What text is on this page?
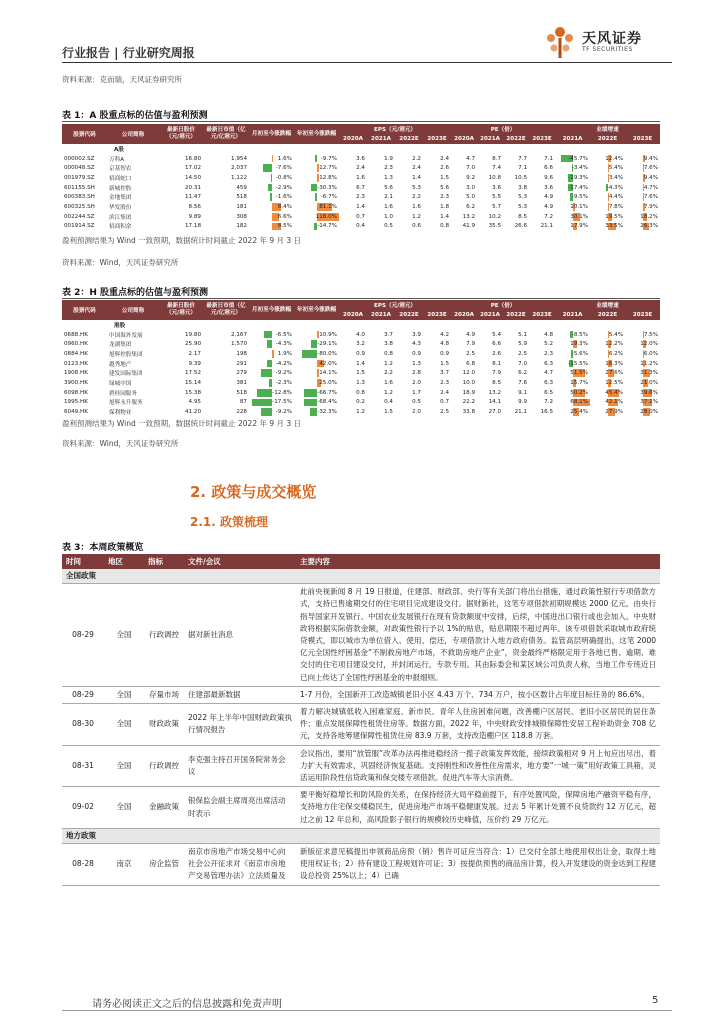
行业报告 | 行业研究周报
天风证券
TF SECURITIES
资料来源：克而瑞，天风证券研究所
表 1：A 股重点标的估值与盈利预测
股票代码	公司简称	最新日股价（元/港元）	最新日市值（亿元/亿港元）	月初至今涨跌幅	年初至今涨跌幅	EPS（元/港元）				PE（倍）				业绩增速		
						2020A	2021A	2022E	2023E	2020A	2021A	2022E	2023E	2021A	2022E	2023E
A股																
000002.SZ	万科A	16.80	1,954	1.6%	-9.7%	3.6	1.9	2.2	2.4	4.7	8.7	7.7	7.1	-45.7%	12.4%	9.4%

000048.SZ	京基智农	17.02	2,037	-7.6%	12.7%	2.4	2.3	2.4	2.6	7.0	7.4	7.1	6.6	-3.4%	5.4%	7.6%

001979.SZ	招商蛇口	14.50	1,122	-0.8%	12.8%	1.6	1.3	1.4	1.5	9.2	10.8	10.5	9.6	-19.3%	3.4%	9.4%

601155.SH	新城控股	20.31	459	-2.9%	-30.3%	6.7	5.6	5.3	5.6	3.0	3.6	3.8	3.6	-17.4%	-4.3%	4.7%

600383.SH	金地集团	11.47	518	-1.6%	-6.7%	2.3	2.1	2.2	2.3	5.0	5.5	5.3	4.9	-9.5%	4.4%	7.6%

600325.SH	华发股份	8.56	181	8.4%	81.1%	1.4	1.6	1.6	1.8	6.2	5.7	5.3	4.9	10.1%	7.8%	7.9%

002244.SZ	滨江集团	9.89	308	6.6%	118.0%	0.7	1.0	1.2	1.4	13.2	10.2	8.5	7.2	30.1%	19.5%	18.2%

001914.SZ	招商积余	17.18	182	8.5%	-14.7%	0.4	0.5	0.6	0.8	41.9	35.5	26.6	21.1	17.9%	33.5%	26.3%
盈利预测结果为 Wind 一致预期，数据统计时间截止 2022 年 9 月 3 日
资料来源：Wind，天风证券研究所
表 2：H 股重点标的估值与盈利预测
股票代码	公司简称	最新日股价（元/港元）	最新日市值（亿元/亿港元）	月初至今涨跌幅	年初至今涨跌幅	EPS（元/港元）				PE（倍）				业绩增速		
						2020A	2021A	2022E	2023E	2020A	2021A	2022E	2023E	2021A	2022E	2023E
港股																
0688.HK	中国海外发展	19.80	2,167	-6.5%	10.9%	4.0	3.7	3.9	4.2	4.9	5.4	5.1	4.8	-8.5%	5.4%	7.5%

0960.HK	龙湖集团	25.90	1,570	-4.3%	-29.1%	3.2	3.8	4.3	4.8	7.9	6.6	5.9	5.2	19.3%	12.2%	12.0%

0884.HK	旭辉控股集团	2.17	198	1.9%	-80.0%	0.9	0.8	0.9	0.9	2.5	2.6	2.5	2.3	-5.6%	6.2%	6.0%

0123.HK	越秀地产	9.39	291	-4.2%	42.0%	1.4	1.2	1.3	1.5	6.8	8.1	7.0	6.3	-15.5%	16.3%	11.2%

1908.HK	建发国际集团	17.52	279	-9.2%	14.1%	1.5	2.2	2.8	3.7	12.0	7.9	6.2	4.7	51.5%	27.6%	31.3%

3900.HK	绿城中国	15.14	381	-2.3%	25.0%	1.3	1.6	2.0	2.3	10.0	8.5	7.6	6.3	15.7%	12.5%	21.0%

6098.HK	碧桂园服务	15.38	518	-12.8%	-66.7%	0.8	1.2	1.7	2.4	18.9	13.2	9.1	6.5	50.2%	45.4%	39.6%

1995.HK	旭辉永升服务	4.95	87	-17.5%	-68.4%	0.2	0.4	0.5	0.7	22.2	14.1	9.9	7.2	68.1%	42.1%	37.1%

6049.HK	保利物业	41.20	228	-9.2%	-32.3%	1.2	1.5	2.0	2.5	33.8	27.0	21.1	16.5	25.4%	27.9%	28.0%
盈利预测结果为 Wind 一致预期，数据统计时间截止 2022 年 9 月 3 日
资料来源：Wind，天风证券研究所
2. 政策与成交概览
2.1. 政策梳理
表 3：本周政策概览
时间	地区	指标	文件/会议	主要内容
全国政策				
08-29	全国	行政调控	据对新社消息	此前央视新闻 8 月 19 日报道，住建部、财政部、央行等有关部门将出台措施，通过政策性银行专项借款方式，支持已售逾期交付的住宅项目完成建设交付。据财新社，这笔专项借款初期规模达 2000 亿元，由央行指导国家开发银行、中国农业发展银行在现有贷款额度中安排，后续，中国进出口银行或也会加入。中央财政将根据实际借款金额，对政策性银行予以 1%的贴息，贴息期限不超过两年。该专项借款采取城市政府统贷模式，即以城市为单位借入、使用、偿还，专项借款计入地方政府债务。监管高层明确提出，这笔 2000 亿元全国性纾困基金“不制救房地产市场，不救助房地产企业”，资金最终严格限定用于各地已售、逾期、难交付的住宅项目建设交付，并封闭运行，专款专用。其由际委会和某区域公司负责人称，当地工作专班近日已向上传达了全国性纾困基金的申报细则。
08-29	全国	存量市场	住建部最新数据	1-7 月份，全国新开工改造城镇老旧小区 4.43 万个、734 万户，按小区数计占年度目标任务的 86.6%。
08-30	全国	财政政策	2022 年上半年中国财政政策执行情况报告	着力解决城镇低收入困难家庭、新市民、青年人住房困难问题，改善棚户区居民、老旧小区居民的居住条件；重点发展保障性租赁住房等。数据方面，2022 年，中央财政安排城镇保障性安居工程补助资金 708 亿元，支持各地筹建保障性租赁住房 83.9 万套，支持改造棚户区 118.8 万套。
08-31	全国	行政调控	李克强主持召开国务院常务会议	会议指出，要用“放管服”改革办法再推进稳经济一揽子政策发挥效能，接续政策相对 9 月上旬应出尽出，着力扩大有效需求，巩固经济恢复基础。支持刚性和改善性住房需求，地方要“一城一策”用好政策工具箱，灵活运用阶段性信贷政策和保交楼专项借款。促进汽车等大宗消费。
09-02	全国	金融政策	银保监会副主席周亮出席活动时表示	要平衡好稳增长和防风险的关系，在保持经济大局平稳前提下，有序处置风险，保障房地产融资平稳有序，支持地方住宅保交楼稳民生，促进房地产市场平稳健康发展。过去 5 年累计处置不良贷款约 12 万亿元，超过之前 12 年总和，高风险影子银行的规模较历史峰值，压价约 29 万亿元。
地方政策				
08-28	南京	房企监管	南京市房地产市场交易中心向社会公开征求对《南京市房地产交易管理办法》立法质量及	新版征求意见稿提出申领商品房预（销）售许可证应当符合：1）已交付全部土地使用权出让金，取得土地使用权证书；2）持有建设工程规划许可证；3）按提供预售的商品房计算，投入开发建设的资金达到工程建设总投资 25%以上；4）已确
请务必阅读正文之后的信息披露和免责声明	5
